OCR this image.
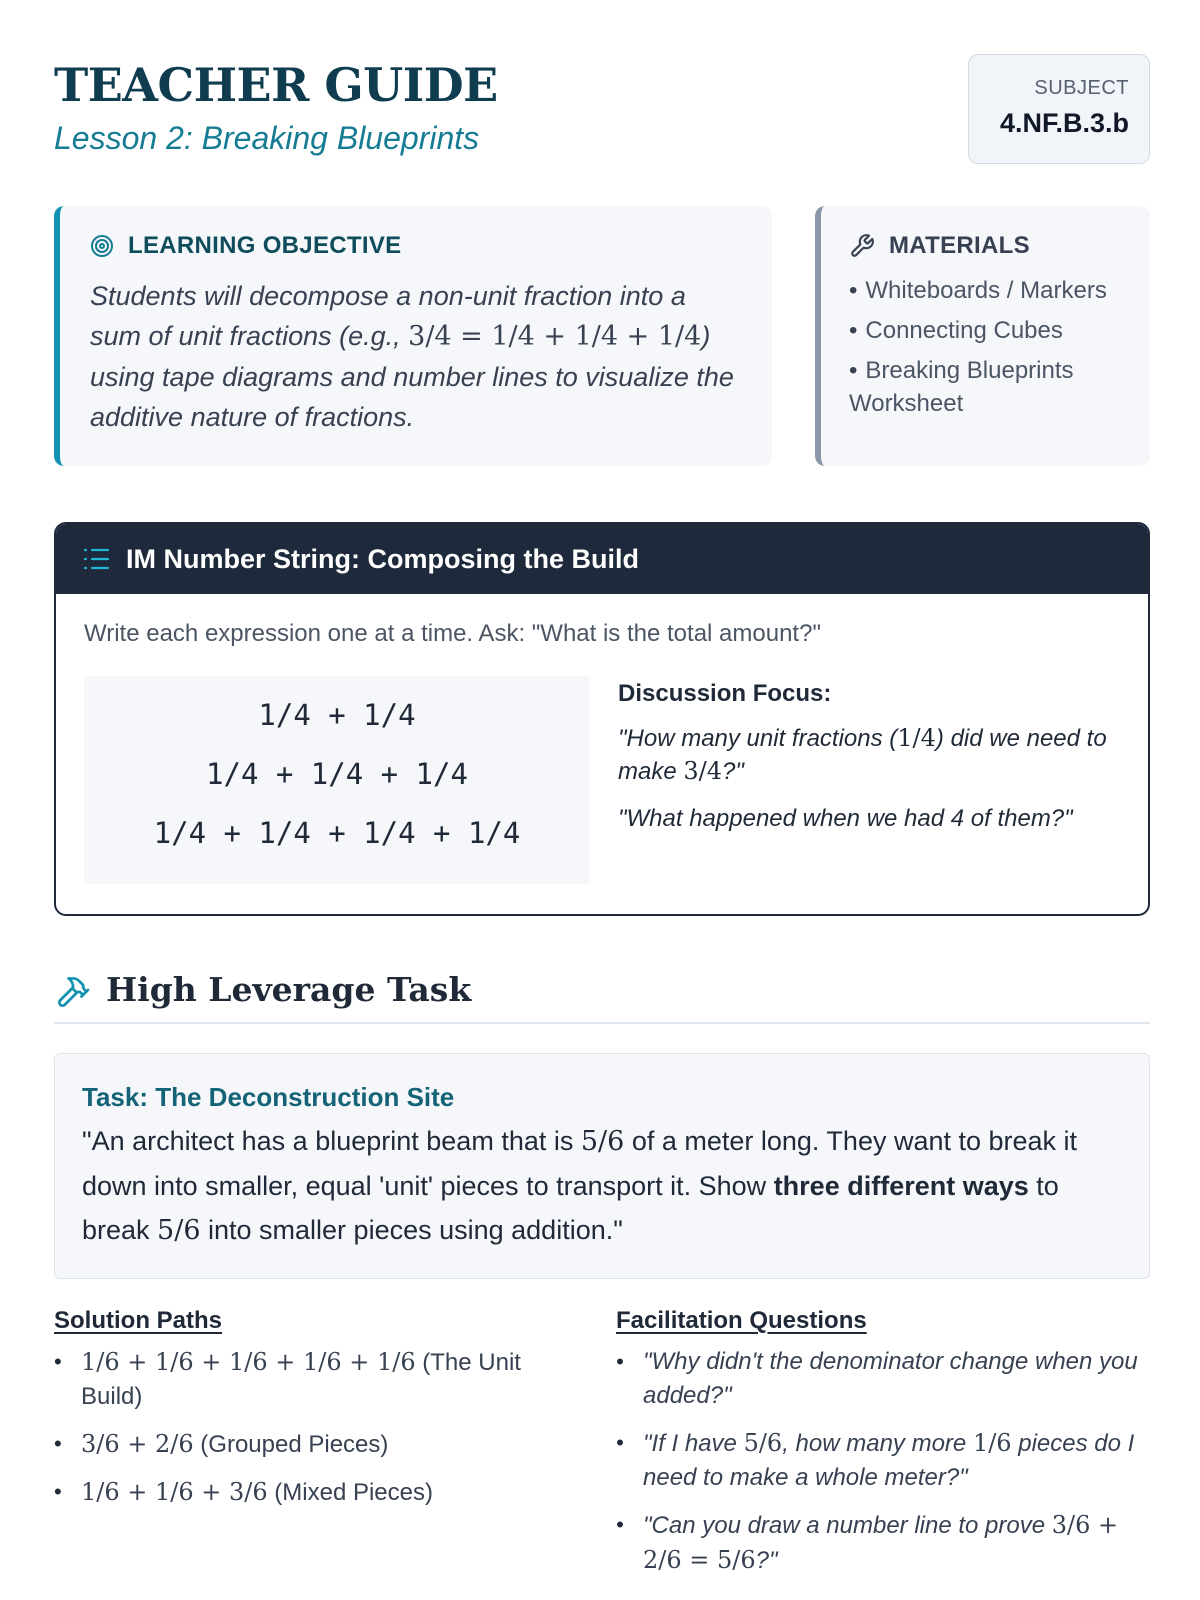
TEACHER GUIDE
Lesson 2: Breaking Blueprints
SUBJECT
4.NF.B.3.b
LEARNING OBJECTIVE
Students will decompose a non-unit fraction into a sum of unit fractions (e.g., 3/4 = 1/4 + 1/4 + 1/4) using tape diagrams and number lines to visualize the additive nature of fractions.
MATERIALS
• Whiteboards / Markers
• Connecting Cubes
• Breaking Blueprints Worksheet
IM Number String: Composing the Build
Write each expression one at a time. Ask: "What is the total amount?"
1/4 + 1/4
1/4 + 1/4 + 1/4
1/4 + 1/4 + 1/4 + 1/4
Discussion Focus:
"How many unit fractions (1/4) did we need to make 3/4?"
"What happened when we had 4 of them?"
High Leverage Task
Task: The Deconstruction Site
"An architect has a blueprint beam that is 5/6 of a meter long. They want to break it down into smaller, equal 'unit' pieces to transport it. Show three different ways to break 5/6 into smaller pieces using addition."
Solution Paths
• 1/6 + 1/6 + 1/6 + 1/6 + 1/6 (The Unit Build)
• 3/6 + 2/6 (Grouped Pieces)
• 1/6 + 1/6 + 3/6 (Mixed Pieces)
Facilitation Questions
• "Why didn't the denominator change when you added?"
• "If I have 5/6, how many more 1/6 pieces do I need to make a whole meter?"
• "Can you draw a number line to prove 3/6 + 2/6 = 5/6?"
